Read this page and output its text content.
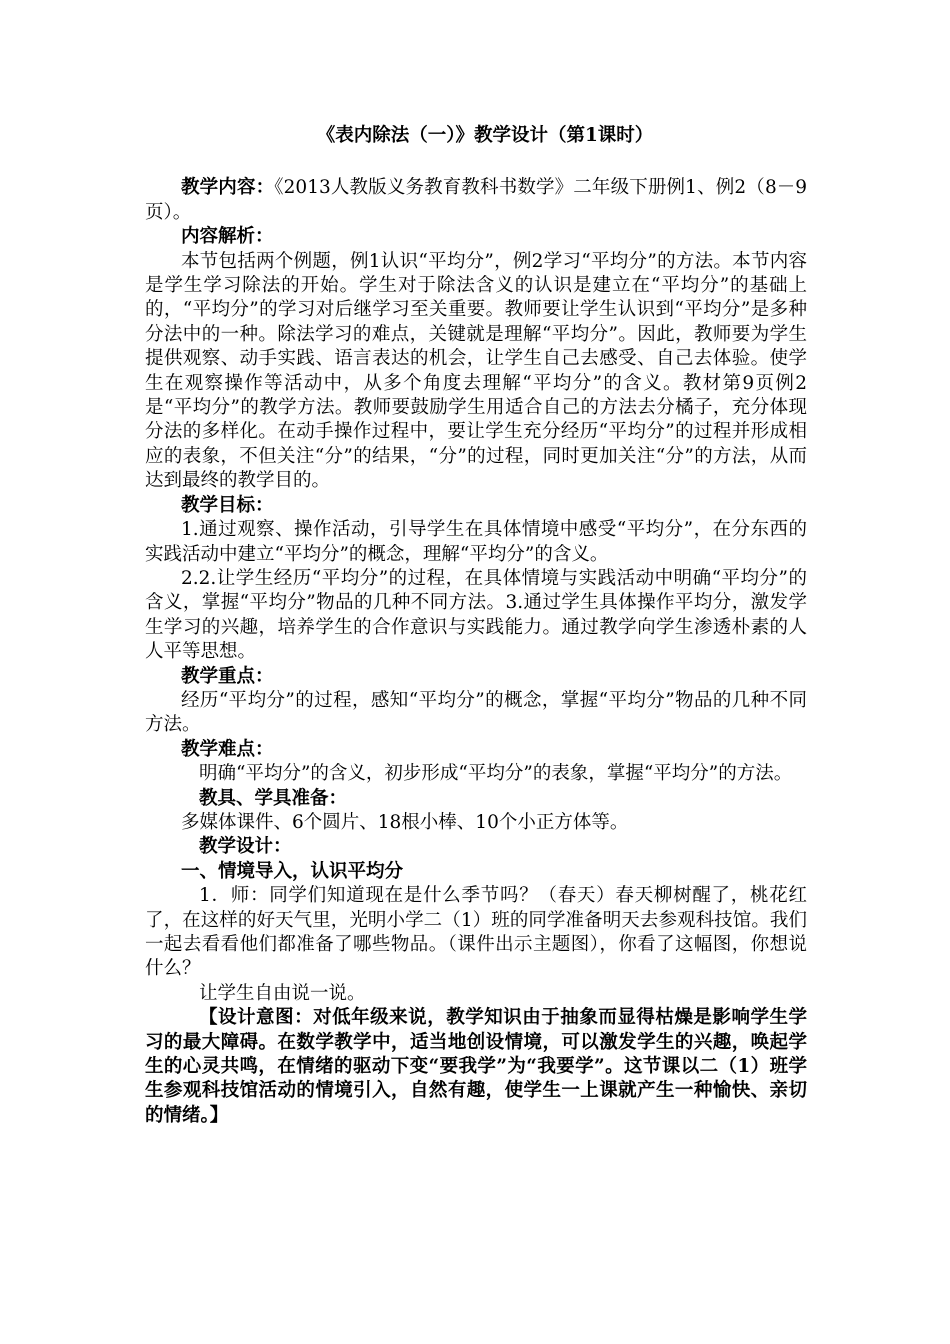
《表内除法（一）》教学设计（第1课时）

教学内容：《2013人教版义务教育教科书数学》二年级下册例1、例2（8－9页）。

内容解析：

本节包括两个例题，例1认识“平均分”，例2学习“平均分”的方法。本节内容是学生学习除法的开始。学生对于除法含义的认识是建立在“平均分”的基础上的，“平均分”的学习对后继学习至关重要。教师要让学生认识到“平均分”是多种分法中的一种。除法学习的难点，关键就是理解“平均分”。因此，教师要为学生提供观察、动手实践、语言表达的机会，让学生自己去感受、自己去体验。使学生在观察操作等活动中，从多个角度去理解“平均分”的含义。教材第9页例2是“平均分”的教学方法。教师要鼓励学生用适合自己的方法去分橘子，充分体现分法的多样化。在动手操作过程中，要让学生充分经历“平均分”的过程并形成相应的表象，不但关注“分”的结果，“分”的过程，同时更加关注“分”的方法，从而达到最终的教学目的。

教学目标：

1.通过观察、操作活动，引导学生在具体情境中感受“平均分”，在分东西的实践活动中建立“平均分”的概念，理解“平均分”的含义。

2.2.让学生经历“平均分”的过程，在具体情境与实践活动中明确“平均分”的含义，掌握“平均分”物品的几种不同方法。3.通过学生具体操作平均分，激发学生学习的兴趣，培养学生的合作意识与实践能力。通过教学向学生渗透朴素的人人平等思想。

教学重点：

经历“平均分”的过程，感知“平均分”的概念，掌握“平均分”物品的几种不同方法。

教学难点：

明确“平均分”的含义，初步形成“平均分”的表象，掌握“平均分”的方法。

教具、学具准备：

多媒体课件、6个圆片、18根小棒、10个小正方体等。

教学设计：

一、情境导入，认识平均分

1．师：同学们知道现在是什么季节吗？（春天）春天柳树醒了，桃花红了，在这样的好天气里，光明小学二（1）班的同学准备明天去参观科技馆。我们一起去看看他们都准备了哪些物品。（课件出示主题图），你看了这幅图，你想说什么？

让学生自由说一说。

【设计意图：对低年级来说，教学知识由于抽象而显得枯燥是影响学生学习的最大障碍。在数学教学中，适当地创设情境，可以激发学生的兴趣，唤起学生的心灵共鸣，在情绪的驱动下变“要我学”为“我要学”。这节课以二（1）班学生参观科技馆活动的情境引入，自然有趣，使学生一上课就产生一种愉快、亲切的情绪。】
